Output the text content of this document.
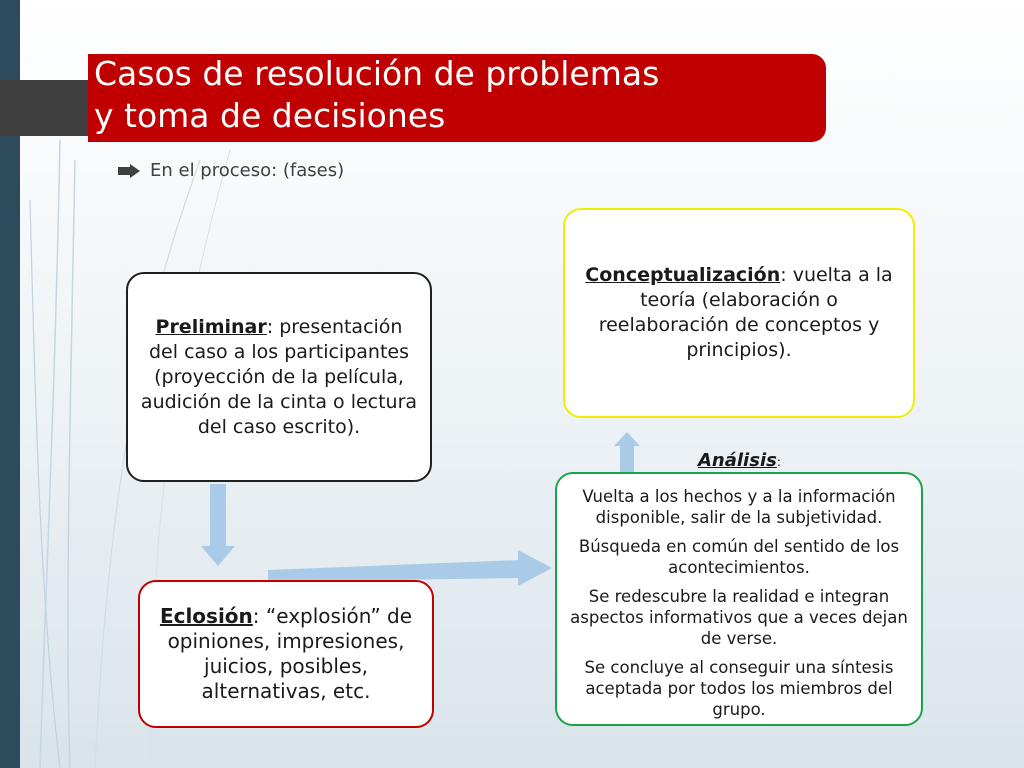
Casos de resolución de problemas
y toma de decisiones
En el proceso: (fases)
Preliminar: presentación del caso a los participantes (proyección de la película, audición de la cinta o lectura del caso escrito).
Conceptualización: vuelta a la teoría (elaboración o reelaboración de conceptos y principios).
Eclosión: “explosión” de opiniones, impresiones, juicios, posibles, alternativas, etc.
Análisis:

Vuelta a los hechos y a la información disponible, salir de la subjetividad.

Búsqueda en común del sentido de los acontecimientos.

Se redescubre la realidad e integran aspectos informativos que a veces dejan de verse.

Se concluye al conseguir una síntesis aceptada por todos los miembros del grupo.
